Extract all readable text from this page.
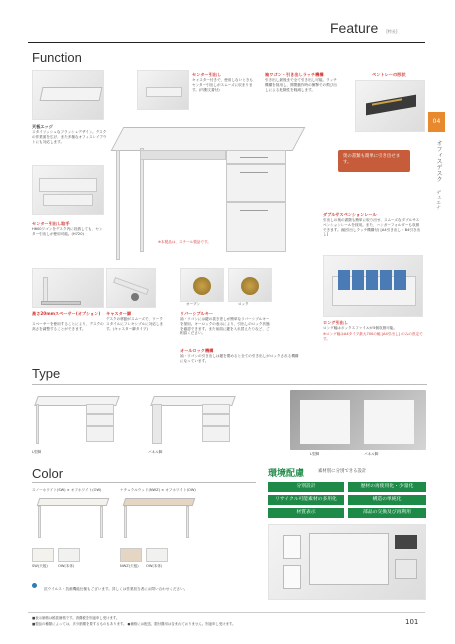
Feature [特長]
04
オフィスデスク
デュエナ
Function
天板エッジ
スタイリッシュなフラッシュデザイン。デスクの作業面を広げ、また多様なオフィスレイアウトにも対応します。
センター引出し
キャスター付きで、使用しないときもセンター引出しがスムーズに収まります。(内側文書付)
袖ワゴン・引き出しラッチ機構
引き出し最後まで全て引き出し可能。ラッチ機構を採用し、開閉動作時の衝撃での飛び出しによる危険性を軽減します。
ペントレーの形状
センター引出し取手
H600ワゴンをデスク内に収納しても、センター引出しが使用可能。(H720)
※本製品は、スチール製品です。
奥の書類も簡単に引き出せます。
ダブルサスペンションレール
引出しの奥の書類も簡単に取り出せ、スムーズなダブルサスペンションレールを採用。また、ハンガーフォルダーも収納できます。(幅引出しラッチ機構付) [A4引き出し・B4引き出し]
高さ20mmスペーサー(オプション)
スペーサーを使用することにより、デスクの高さを調整することができます。
キャスター脚
デスクの移動がスムーズで、ワークスタイルにフレキシブルに対応します。(キャスター脚タイプ)
オープン	ロック
リバーシブルキー
袖・ワゴンには鍵の抜き差しが簡単なリバーシブルキーを採用。キーロックの表示により、引出しのロック状態を確認できます。また前面に鍵を入れ替えたりなど、ご相談ください。
オールロック機構
袖・ワゴンの引き出しは鍵を閉めると全ての引き出しがロックされる機構になっています。
ロング引出し
ロング幅はボックスファイルが5個収納可能。
※ロング幅はA4タイプ最大700の幅 [A4引出し] のみの設定です。
Type
L型脚	パネル脚	L型脚	パネル脚
Color
スノーホワイト(SW) × オフホワイト(OW)	ナチュラルウッド(NWZ) × オフホワイト(OW)
SW(天板)	OW(本体)	NWZ(天板) OW(本体)
抗ウイルス・抗菌機能仕様もございます。詳しくは営業担当者にお問い合わせください。
環境配慮	素材別に分別できる設計
分別設計	歴材の再使用化・少量化
リサイクル可能素材の多用化	構造の単純化
材質表示	部品の交換及び再利用
■表示価格は税抜価格です。消費税を別途申し受けます。
■製品の種類によっては、多少納期を要するものもあります。 ●価格には配送、据付費用は含まれておりません。別途申し受けます。	101
